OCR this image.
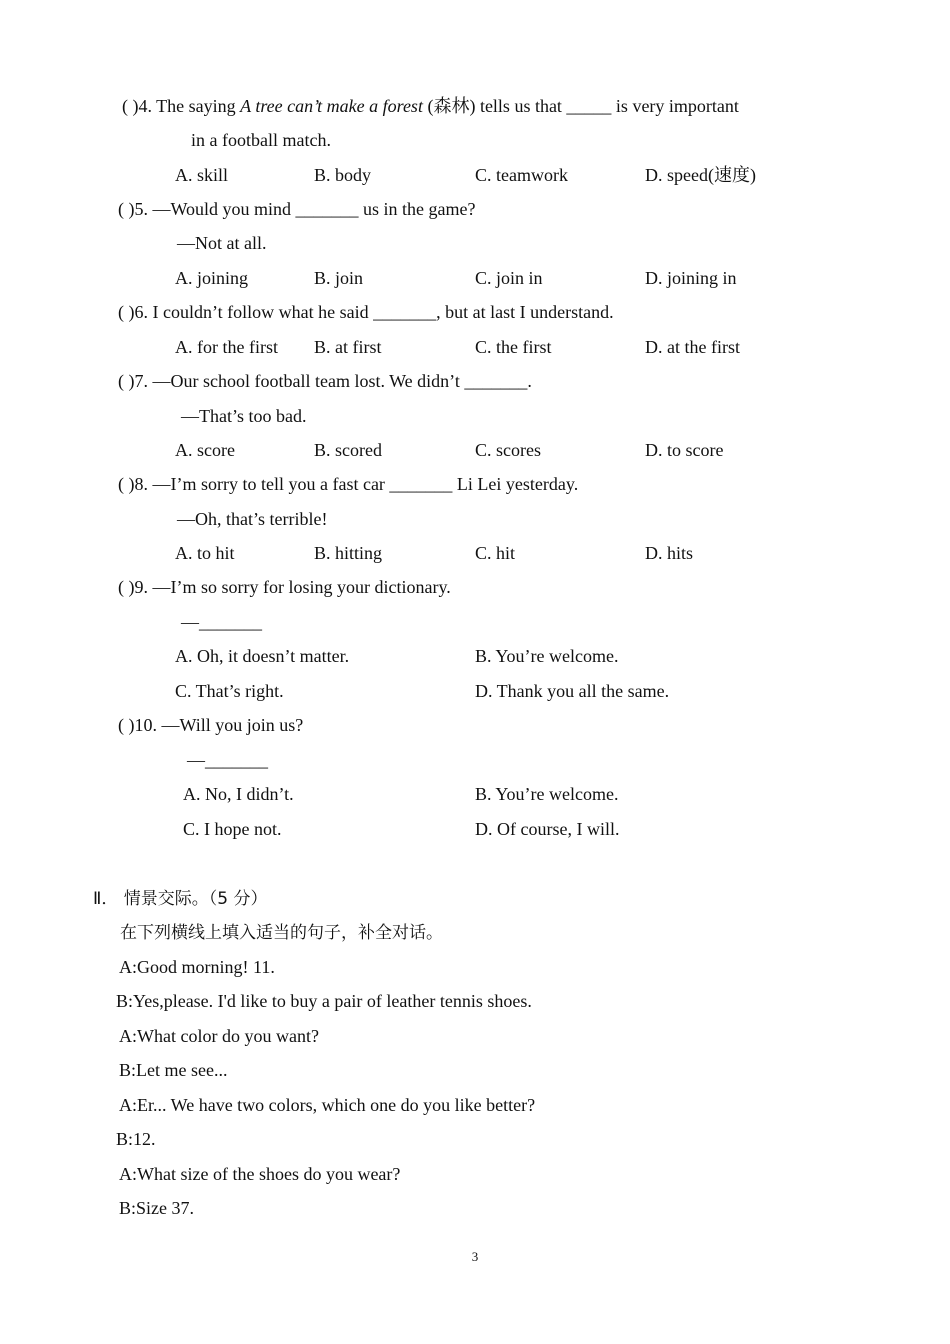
( )4. The saying A tree can’t make a forest (森林) tells us that _____ is very important
in a football match.
A. skill	B. body	C. teamwork	D. speed(速度)
( )5. —Would you mind _______ us in the game?
—Not at all.
A. joining	B. join	C. join in	D. joining in
( )6. I couldn’t follow what he said _______, but at last I understand.
A. for the first B. at first	C. the first	D. at the first
( )7. —Our school football team lost. We didn’t _______.
—That’s too bad.
A. score	B. scored	C. scores	D. to score
( )8. —I’m sorry to tell you a fast car _______ Li Lei yesterday.
—Oh, that’s terrible!
A. to hit	B. hitting	C. hit	D. hits
( )9. —I’m so sorry for losing your dictionary.
—_______
A. Oh, it doesn’t matter.	B. You’re welcome.
C. That’s right.	D. Thank you all the same.
( )10. —Will you join us?
—_______
A. No, I didn’t.	B. You’re welcome.
C. I hope not.	D. Of course, I will.
Ⅱ． 情景交际。（5 分）
在下列横线上填入适当的句子，补全对话。
A:Good morning! 11.
B:Yes,please. I'd like to buy a pair of leather tennis shoes.
A:What color do you want?
B:Let me see...
A:Er... We have two colors, which one do you like better?
B:12.
A:What size of the shoes do you wear?
B:Size 37.
3
